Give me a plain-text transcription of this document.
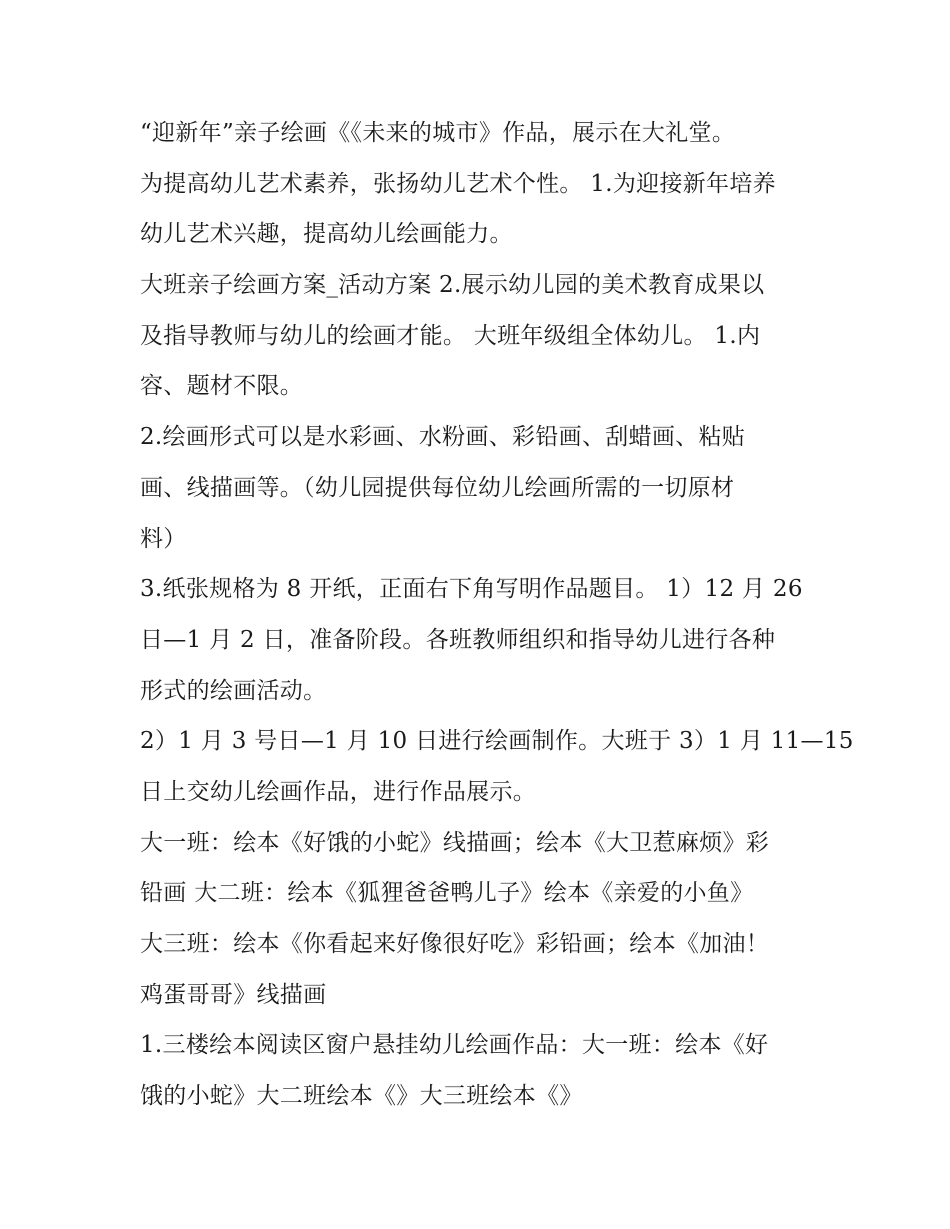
“迎新年”亲子绘画《《未来的城市》作品，展示在大礼堂。
为提高幼儿艺术素养，张扬幼儿艺术个性。 1.为迎接新年培养
幼儿艺术兴趣，提高幼儿绘画能力。
大班亲子绘画方案_活动方案 2.展示幼儿园的美术教育成果以
及指导教师与幼儿的绘画才能。 大班年级组全体幼儿。 1.内
容、题材不限。
2.绘画形式可以是水彩画、水粉画、彩铅画、刮蜡画、粘贴
画、线描画等。（幼儿园提供每位幼儿绘画所需的一切原材
料）
3.纸张规格为 8 开纸，正面右下角写明作品题目。 1）12 月 26
日—1 月 2 日，准备阶段。各班教师组织和指导幼儿进行各种
形式的绘画活动。
2）1 月 3 号日—1 月 10 日进行绘画制作。大班于 3）1 月 11—15
日上交幼儿绘画作品，进行作品展示。
大一班：绘本《好饿的小蛇》线描画；绘本《大卫惹麻烦》彩
铅画 大二班：绘本《狐狸爸爸鸭儿子》绘本《亲爱的小鱼》
大三班：绘本《你看起来好像很好吃》彩铅画；绘本《加油！
鸡蛋哥哥》线描画
1.三楼绘本阅读区窗户悬挂幼儿绘画作品：大一班：绘本《好
饿的小蛇》大二班绘本《》大三班绘本《》
